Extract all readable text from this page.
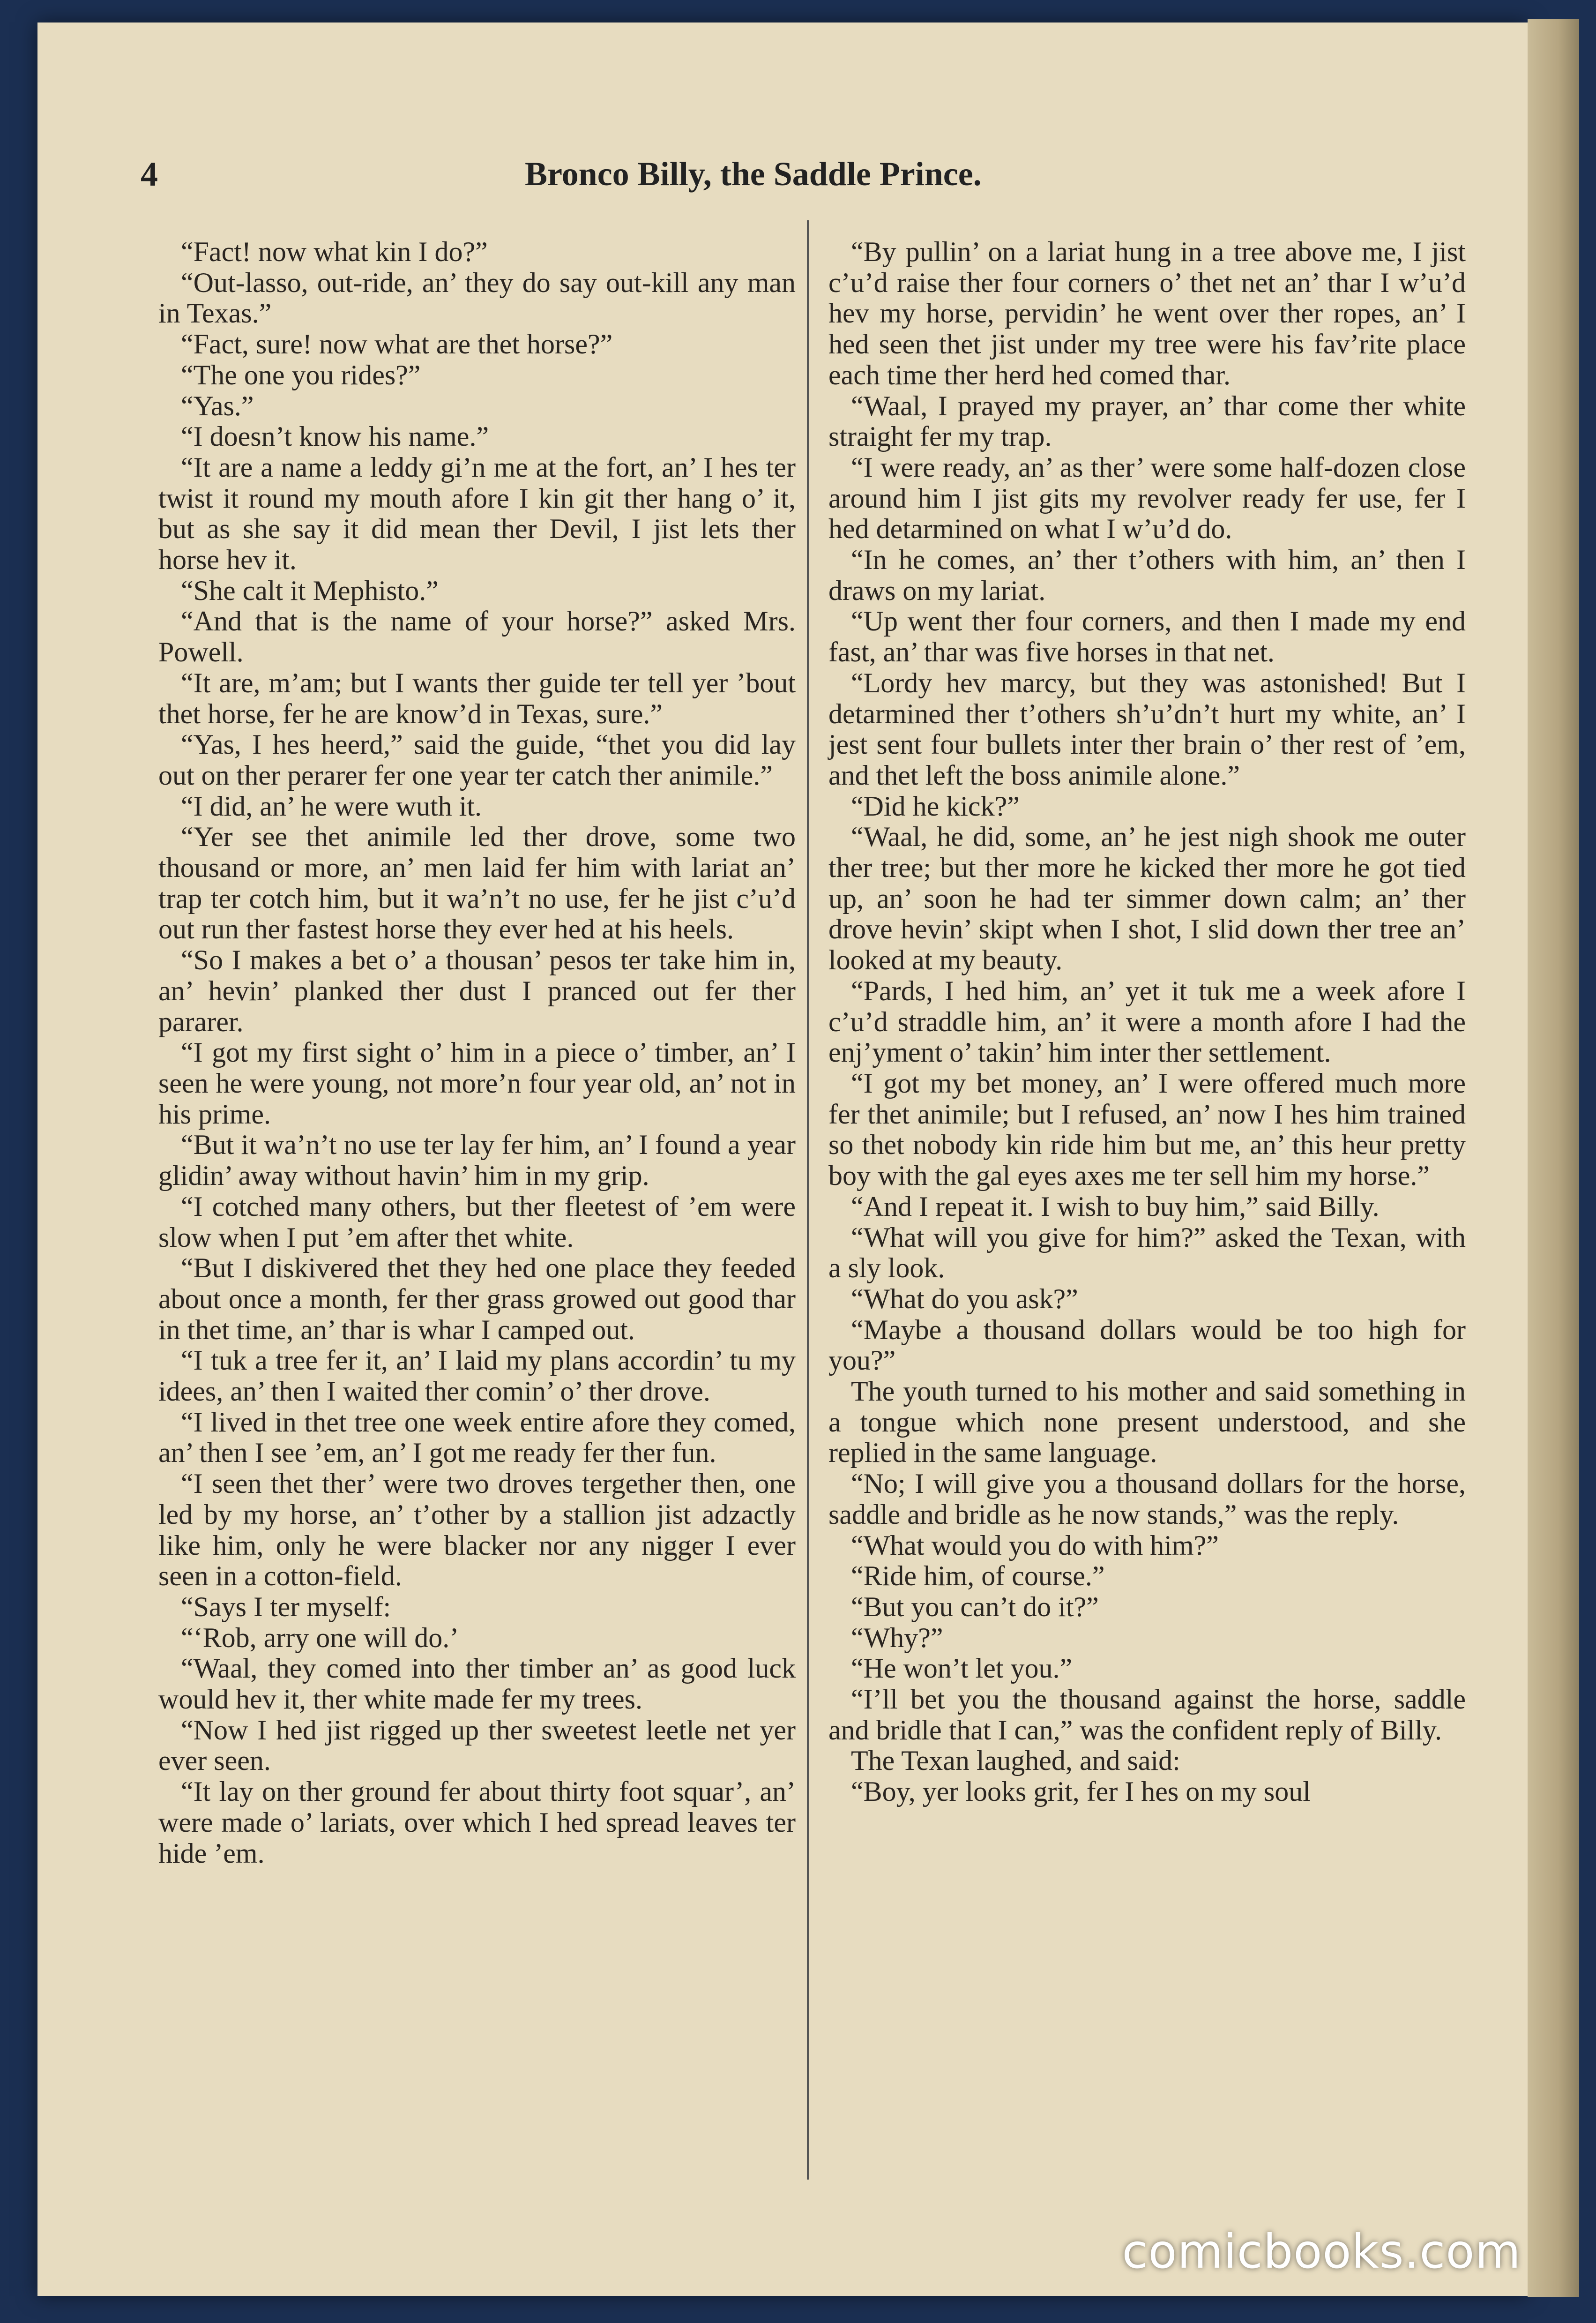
4	Bronco Billy, the Saddle Prince.

“Fact! now what kin I do?”

“Out-lasso, out-ride, an’ they do say out-kill any man in Texas.”

“Fact, sure! now what are thet horse?”

“The one you rides?”

“Yas.”

“I doesn’t know his name.”

“It are a name a leddy gi’n me at the fort, an’ I hes ter twist it round my mouth afore I kin git ther hang o’ it, but as she say it did mean ther Devil, I jist lets ther horse hev it.

“She calt it Mephisto.”

“And that is the name of your horse?” asked Mrs. Powell.

“It are, m’am; but I wants ther guide ter tell yer ’bout thet horse, fer he are know’d in Texas, sure.”

“Yas, I hes heerd,” said the guide, “thet you did lay out on ther perarer fer one year ter catch ther animile.”

“I did, an’ he were wuth it.

“Yer see thet animile led ther drove, some two thousand or more, an’ men laid fer him with lariat an’ trap ter cotch him, but it wa’n’t no use, fer he jist c’u’d out run ther fastest horse they ever hed at his heels.

“So I makes a bet o’ a thousan’ pesos ter take him in, an’ hevin’ planked ther dust I pranced out fer ther pararer.

“I got my first sight o’ him in a piece o’ timber, an’ I seen he were young, not more’n four year old, an’ not in his prime.

“But it wa’n’t no use ter lay fer him, an’ I found a year glidin’ away without havin’ him in my grip.

“I cotched many others, but ther fleetest of ’em were slow when I put ’em after thet white.

“But I diskivered thet they hed one place they feeded about once a month, fer ther grass growed out good thar in thet time, an’ thar is whar I camped out.

“I tuk a tree fer it, an’ I laid my plans accordin’ tu my idees, an’ then I waited ther comin’ o’ ther drove.

“I lived in thet tree one week entire afore they comed, an’ then I see ’em, an’ I got me ready fer ther fun.

“I seen thet ther’ were two droves tergether then, one led by my horse, an’ t’other by a stallion jist adzactly like him, only he were blacker nor any nigger I ever seen in a cotton-field.

“Says I ter myself:

“‘Rob, arry one will do.’

“Waal, they comed into ther timber an’ as good luck would hev it, ther white made fer my trees.

“Now I hed jist rigged up ther sweetest leetle net yer ever seen.

“It lay on ther ground fer about thirty foot squar’, an’ were made o’ lariats, over which I hed spread leaves ter hide ’em.

“By pullin’ on a lariat hung in a tree above me, I jist c’u’d raise ther four corners o’ thet net an’ thar I w’u’d hev my horse, pervidin’ he went over ther ropes, an’ I hed seen thet jist under my tree were his fav’rite place each time ther herd hed comed thar.

“Waal, I prayed my prayer, an’ thar come ther white straight fer my trap.

“I were ready, an’ as ther’ were some half-dozen close around him I jist gits my revolver ready fer use, fer I hed detarmined on what I w’u’d do.

“In he comes, an’ ther t’others with him, an’ then I draws on my lariat.

“Up went ther four corners, and then I made my end fast, an’ thar was five horses in that net.

“Lordy hev marcy, but they was astonished! But I detarmined ther t’others sh’u’dn’t hurt my white, an’ I jest sent four bullets inter ther brain o’ ther rest of ’em, and thet left the boss animile alone.”

“Did he kick?”

“Waal, he did, some, an’ he jest nigh shook me outer ther tree; but ther more he kicked ther more he got tied up, an’ soon he had ter simmer down calm; an’ ther drove hevin’ skipt when I shot, I slid down ther tree an’ looked at my beauty.

“Pards, I hed him, an’ yet it tuk me a week afore I c’u’d straddle him, an’ it were a month afore I had the enj’yment o’ takin’ him inter ther settlement.

“I got my bet money, an’ I were offered much more fer thet animile; but I refused, an’ now I hes him trained so thet nobody kin ride him but me, an’ this heur pretty boy with the gal eyes axes me ter sell him my horse.”

“And I repeat it. I wish to buy him,” said Billy.

“What will you give for him?” asked the Texan, with a sly look.

“What do you ask?”

“Maybe a thousand dollars would be too high for you?”

The youth turned to his mother and said something in a tongue which none present understood, and she replied in the same language.

“No; I will give you a thousand dollars for the horse, saddle and bridle as he now stands,” was the reply.

“What would you do with him?”

“Ride him, of course.”

“But you can’t do it?”

“Why?”

“He won’t let you.”

“I’ll bet you the thousand against the horse, saddle and bridle that I can,” was the confident reply of Billy.

The Texan laughed, and said:

“Boy, yer looks grit, fer I hes on my soul

comicbooks.com
